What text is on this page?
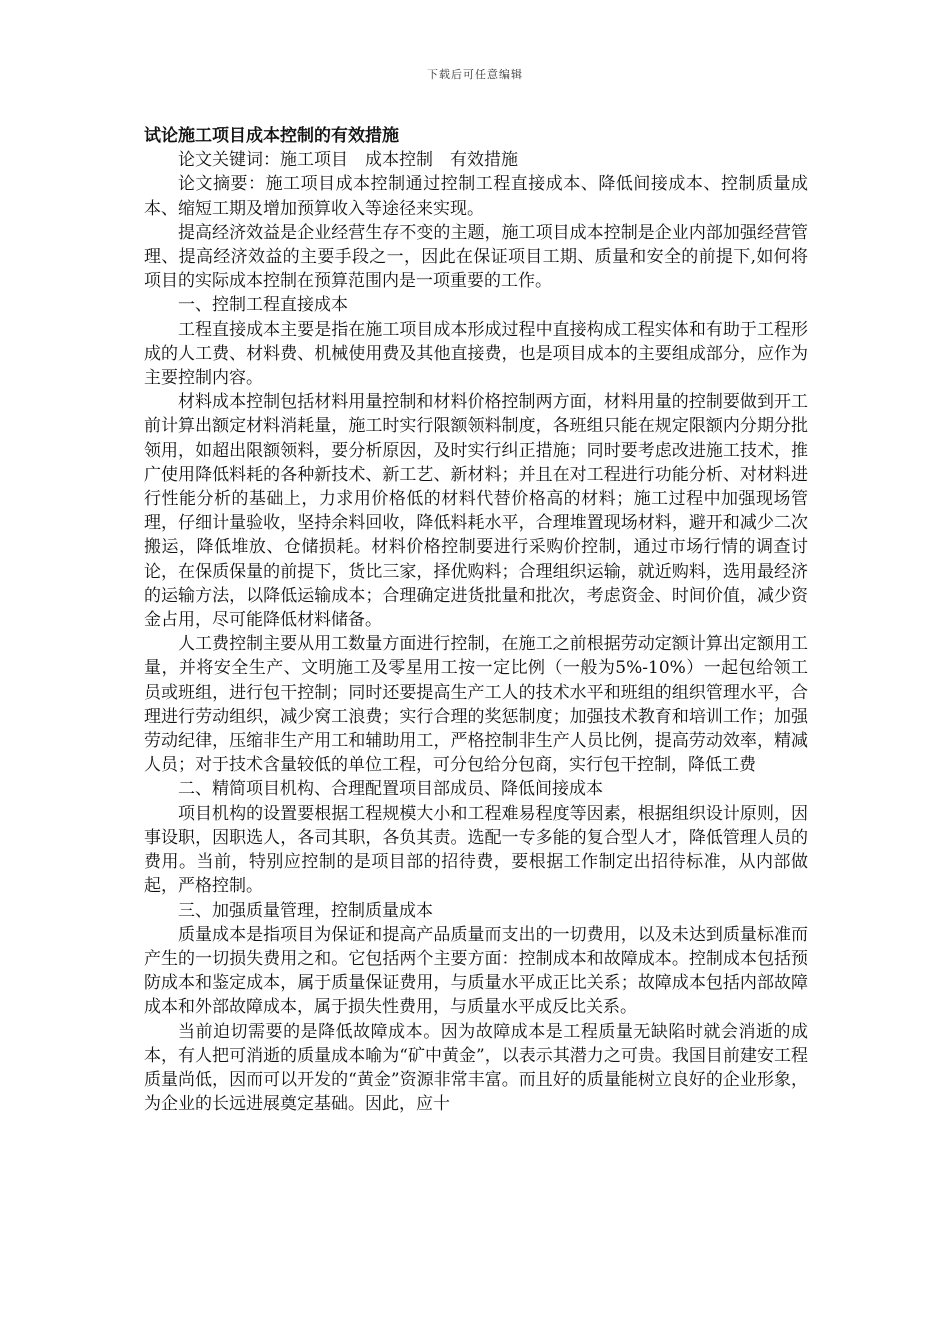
下载后可任意编辑

试论施工项目成本控制的有效措施

论文关键词：施工项目　成本控制　有效措施

论文摘要：施工项目成本控制通过控制工程直接成本、降低间接成本、控制质量成本、缩短工期及增加预算收入等途径来实现。

提高经济效益是企业经营生存不变的主题，施工项目成本控制是企业内部加强经营管理、提高经济效益的主要手段之一，因此在保证项目工期、质量和安全的前提下,如何将项目的实际成本控制在预算范围内是一项重要的工作。

一、控制工程直接成本

工程直接成本主要是指在施工项目成本形成过程中直接构成工程实体和有助于工程形成的人工费、材料费、机械使用费及其他直接费，也是项目成本的主要组成部分，应作为主要控制内容。

材料成本控制包括材料用量控制和材料价格控制两方面，材料用量的控制要做到开工前计算出额定材料消耗量，施工时实行限额领料制度，各班组只能在规定限额内分期分批领用，如超出限额领料，要分析原因，及时实行纠正措施；同时要考虑改进施工技术，推广使用降低料耗的各种新技术、新工艺、新材料；并且在对工程进行功能分析、对材料进行性能分析的基础上，力求用价格低的材料代替价格高的材料；施工过程中加强现场管理，仔细计量验收，坚持余料回收，降低料耗水平，合理堆置现场材料，避开和减少二次搬运，降低堆放、仓储损耗。材料价格控制要进行采购价控制，通过市场行情的调查讨论，在保质保量的前提下，货比三家，择优购料；合理组织运输，就近购料，选用最经济的运输方法，以降低运输成本；合理确定进货批量和批次，考虑资金、时间价值，减少资金占用，尽可能降低材料储备。

人工费控制主要从用工数量方面进行控制，在施工之前根据劳动定额计算出定额用工量，并将安全生产、文明施工及零星用工按一定比例（一般为5%-10%）一起包给领工员或班组，进行包干控制；同时还要提高生产工人的技术水平和班组的组织管理水平，合理进行劳动组织，减少窝工浪费；实行合理的奖惩制度；加强技术教育和培训工作；加强劳动纪律，压缩非生产用工和辅助用工，严格控制非生产人员比例，提高劳动效率，精减人员；对于技术含量较低的单位工程，可分包给分包商，实行包干控制，降低工费

二、精简项目机构、合理配置项目部成员、降低间接成本

项目机构的设置要根据工程规模大小和工程难易程度等因素，根据组织设计原则，因事设职，因职选人，各司其职，各负其责。选配一专多能的复合型人才，降低管理人员的费用。当前，特别应控制的是项目部的招待费，要根据工作制定出招待标准，从内部做起，严格控制。

三、加强质量管理，控制质量成本

质量成本是指项目为保证和提高产品质量而支出的一切费用，以及未达到质量标准而产生的一切损失费用之和。它包括两个主要方面：控制成本和故障成本。控制成本包括预防成本和鉴定成本，属于质量保证费用，与质量水平成正比关系；故障成本包括内部故障成本和外部故障成本，属于损失性费用，与质量水平成反比关系。

当前迫切需要的是降低故障成本。因为故障成本是工程质量无缺陷时就会消逝的成本，有人把可消逝的质量成本喻为“矿中黄金”，以表示其潜力之可贵。我国目前建安工程质量尚低，因而可以开发的“黄金”资源非常丰富。而且好的质量能树立良好的企业形象，为企业的长远进展奠定基础。因此，应十
